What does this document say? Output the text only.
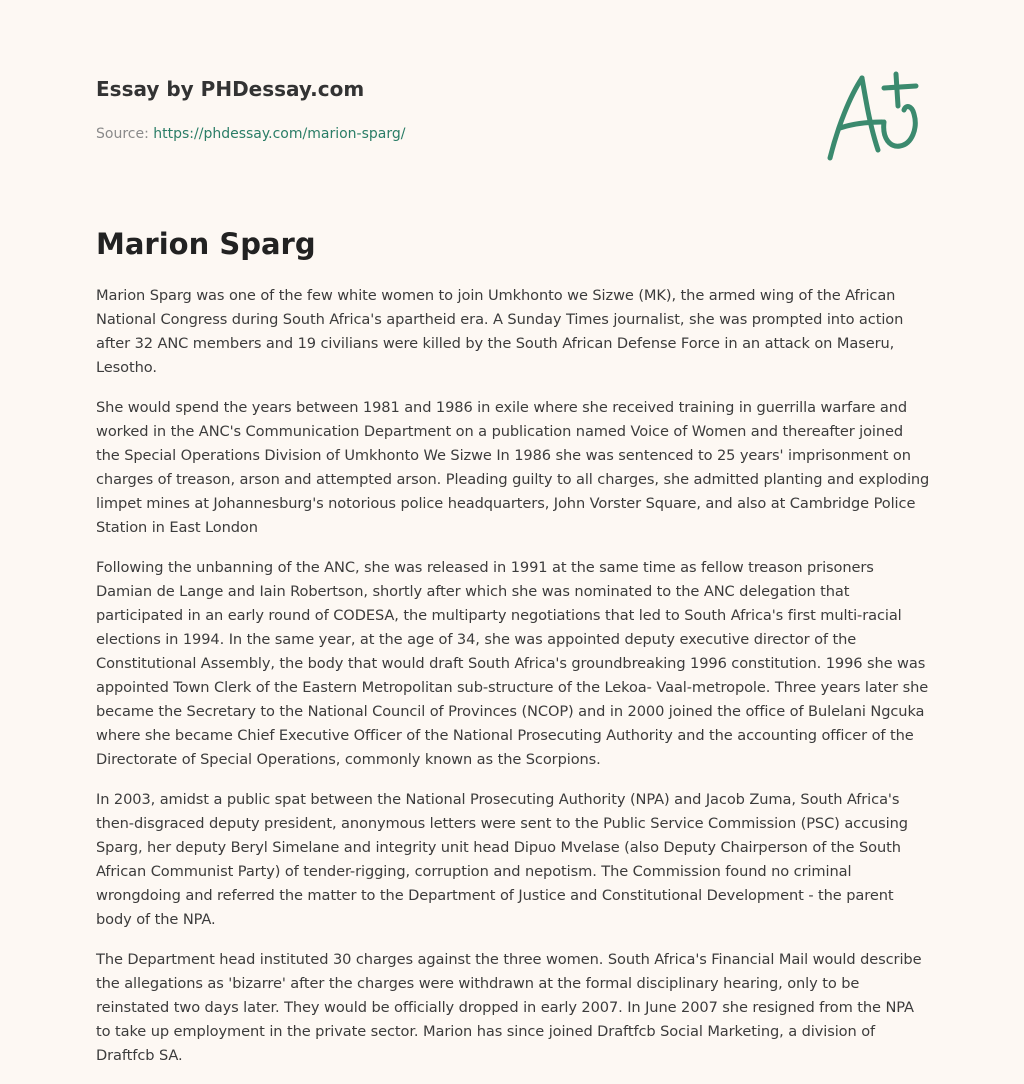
Essay by PHDessay.com
Source: https://phdessay.com/marion-sparg/
Marion Sparg

Marion Sparg was one of the few white women to join Umkhonto we Sizwe (MK), the armed wing of the African National Congress during South Africa's apartheid era. A Sunday Times journalist, she was prompted into action after 32 ANC members and 19 civilians were killed by the South African Defense Force in an attack on Maseru, Lesotho.

She would spend the years between 1981 and 1986 in exile where she received training in guerrilla warfare and worked in the ANC's Communication Department on a publication named Voice of Women and thereafter joined the Special Operations Division of Umkhonto We Sizwe In 1986 she was sentenced to 25 years' imprisonment on charges of treason, arson and attempted arson. Pleading guilty to all charges, she admitted planting and exploding limpet mines at Johannesburg's notorious police headquarters, John Vorster Square, and also at Cambridge Police Station in East London

Following the unbanning of the ANC, she was released in 1991 at the same time as fellow treason prisoners Damian de Lange and Iain Robertson, shortly after which she was nominated to the ANC delegation that participated in an early round of CODESA, the multiparty negotiations that led to South Africa's first multi-racial elections in 1994. In the same year, at the age of 34, she was appointed deputy executive director of the Constitutional Assembly, the body that would draft South Africa's groundbreaking 1996 constitution. 1996 she was appointed Town Clerk of the Eastern Metropolitan sub-structure of the Lekoa- Vaal-metropole. Three years later she became the Secretary to the National Council of Provinces (NCOP) and in 2000 joined the office of Bulelani Ngcuka where she became Chief Executive Officer of the National Prosecuting Authority and the accounting officer of the Directorate of Special Operations, commonly known as the Scorpions.

In 2003, amidst a public spat between the National Prosecuting Authority (NPA) and Jacob Zuma, South Africa's then-disgraced deputy president, anonymous letters were sent to the Public Service Commission (PSC) accusing Sparg, her deputy Beryl Simelane and integrity unit head Dipuo Mvelase (also Deputy Chairperson of the South African Communist Party) of tender-rigging, corruption and nepotism. The Commission found no criminal wrongdoing and referred the matter to the Department of Justice and Constitutional Development - the parent body of the NPA.

The Department head instituted 30 charges against the three women. South Africa's Financial Mail would describe the allegations as 'bizarre' after the charges were withdrawn at the formal disciplinary hearing, only to be reinstated two days later. They would be officially dropped in early 2007. In June 2007 she resigned from the NPA to take up employment in the private sector. Marion has since joined Draftfcb Social Marketing, a division of Draftfcb SA.
